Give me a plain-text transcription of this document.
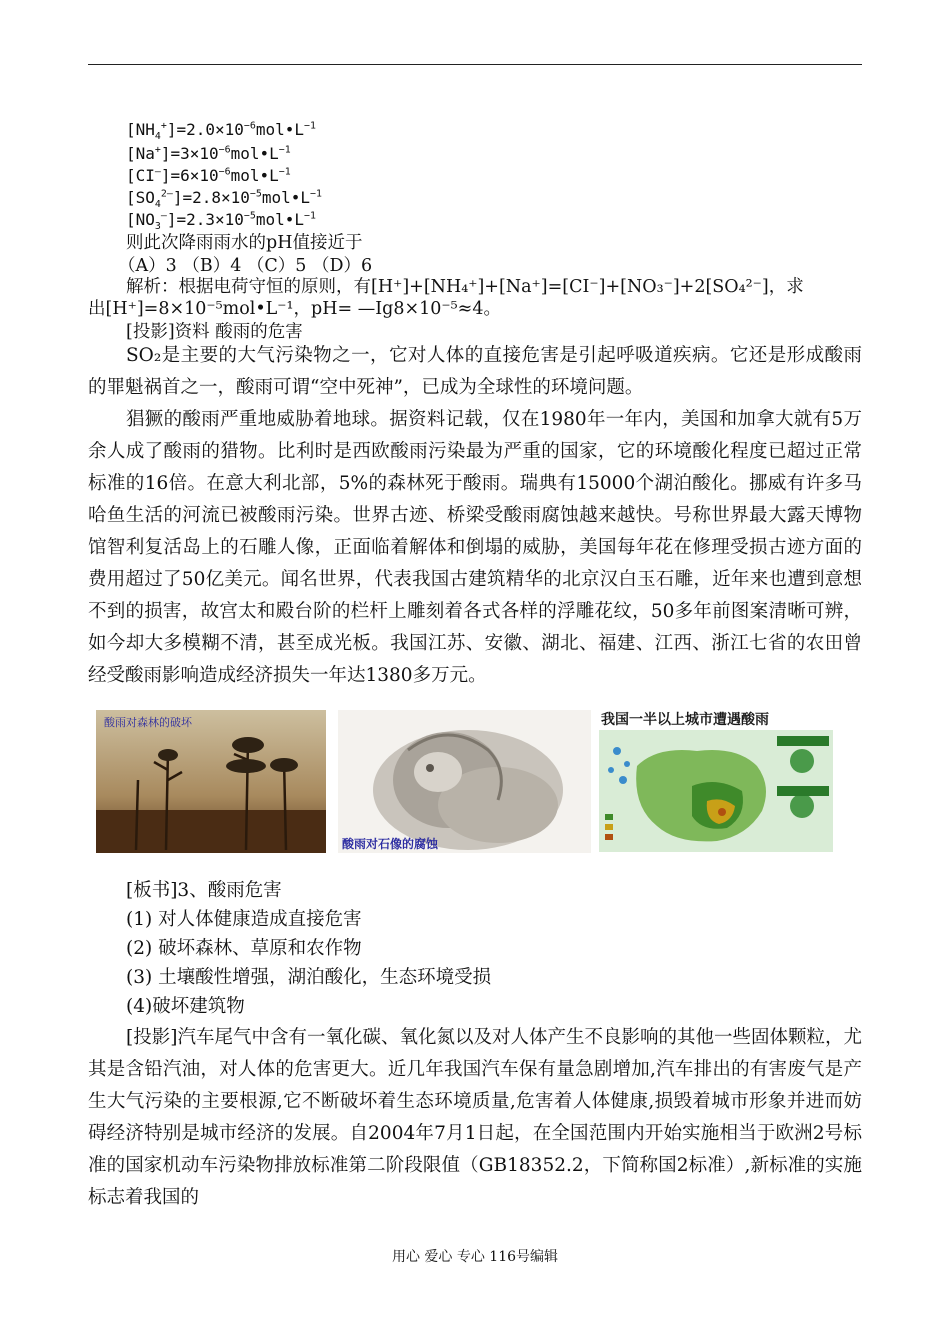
$[NH_4^+]=2.0\times 10^{-6}mol•L^{-1}$
$[Na^+]=3\times 10^{-6}mol•L^{-1}$
$[CI^—]=6\times 10^{-6}mol•L^{-1}$
$[SO_4^{2—}]=2.8\times 10^{-5}mol•L^{-1}$
$[NO_3^—]=2.3\times 10^{-5}mol•L^{-1}$
则此次降雨雨水的pH值接近于
（A）3 （B）4 （C）5 （D）6
解析：根据电荷守恒的原则，有[H⁺]+[NH₄⁺]+[Na⁺]=[CI⁻]+[NO₃⁻]+2[SO₄²⁻]，求
出[H⁺]=8×10⁻⁵mol•L⁻¹，pH= —Ig8×10⁻⁵≈4。
[投影]资料 酸雨的危害

SO₂是主要的大气污染物之一，它对人体的直接危害是引起呼吸道疾病。它还是形成酸雨的罪魁祸首之一，酸雨可谓“空中死神”，已成为全球性的环境问题。

猖獗的酸雨严重地威胁着地球。据资料记载，仅在1980年一年内，美国和加拿大就有5万余人成了酸雨的猎物。比利时是西欧酸雨污染最为严重的国家，它的环境酸化程度已超过正常标准的16倍。在意大利北部，5%的森林死于酸雨。瑞典有15000个湖泊酸化。挪威有许多马哈鱼生活的河流已被酸雨污染。世界古迹、桥梁受酸雨腐蚀越来越快。号称世界最大露天博物馆智利复活岛上的石雕人像，正面临着解体和倒塌的威胁，美国每年花在修理受损古迹方面的费用超过了50亿美元。闻名世界，代表我国古建筑精华的北京汉白玉石雕，近年来也遭到意想不到的损害，故宫太和殿台阶的栏杆上雕刻着各式各样的浮雕花纹，50多年前图案清晰可辨，如今却大多模糊不清，甚至成光板。我国江苏、安徽、湖北、福建、江西、浙江七省的农田曾经受酸雨影响造成经济损失一年达1380多万元。

酸雨对森林的破坏
酸雨对石像的腐蚀
我国一半以上城市遭遇酸雨
[板书]3、酸雨危害
(1) 对人体健康造成直接危害
(2) 破坏森林、草原和农作物
(3) 土壤酸性增强，湖泊酸化，生态环境受损
(4)破坏建筑物

[投影]汽车尾气中含有一氧化碳、氧化氮以及对人体产生不良影响的其他一些固体颗粒，尤其是含铅汽油，对人体的危害更大。近几年我国汽车保有量急剧增加,汽车排出的有害废气是产生大气污染的主要根源,它不断破坏着生态环境质量,危害着人体健康,损毁着城市形象并进而妨碍经济特别是城市经济的发展。自2004年7月1日起，在全国范围内开始实施相当于欧洲2号标准的国家机动车污染物排放标准第二阶段限值（GB18352.2，下简称国2标准）,新标准的实施标志着我国的

用心 爱心 专心 116号编辑
